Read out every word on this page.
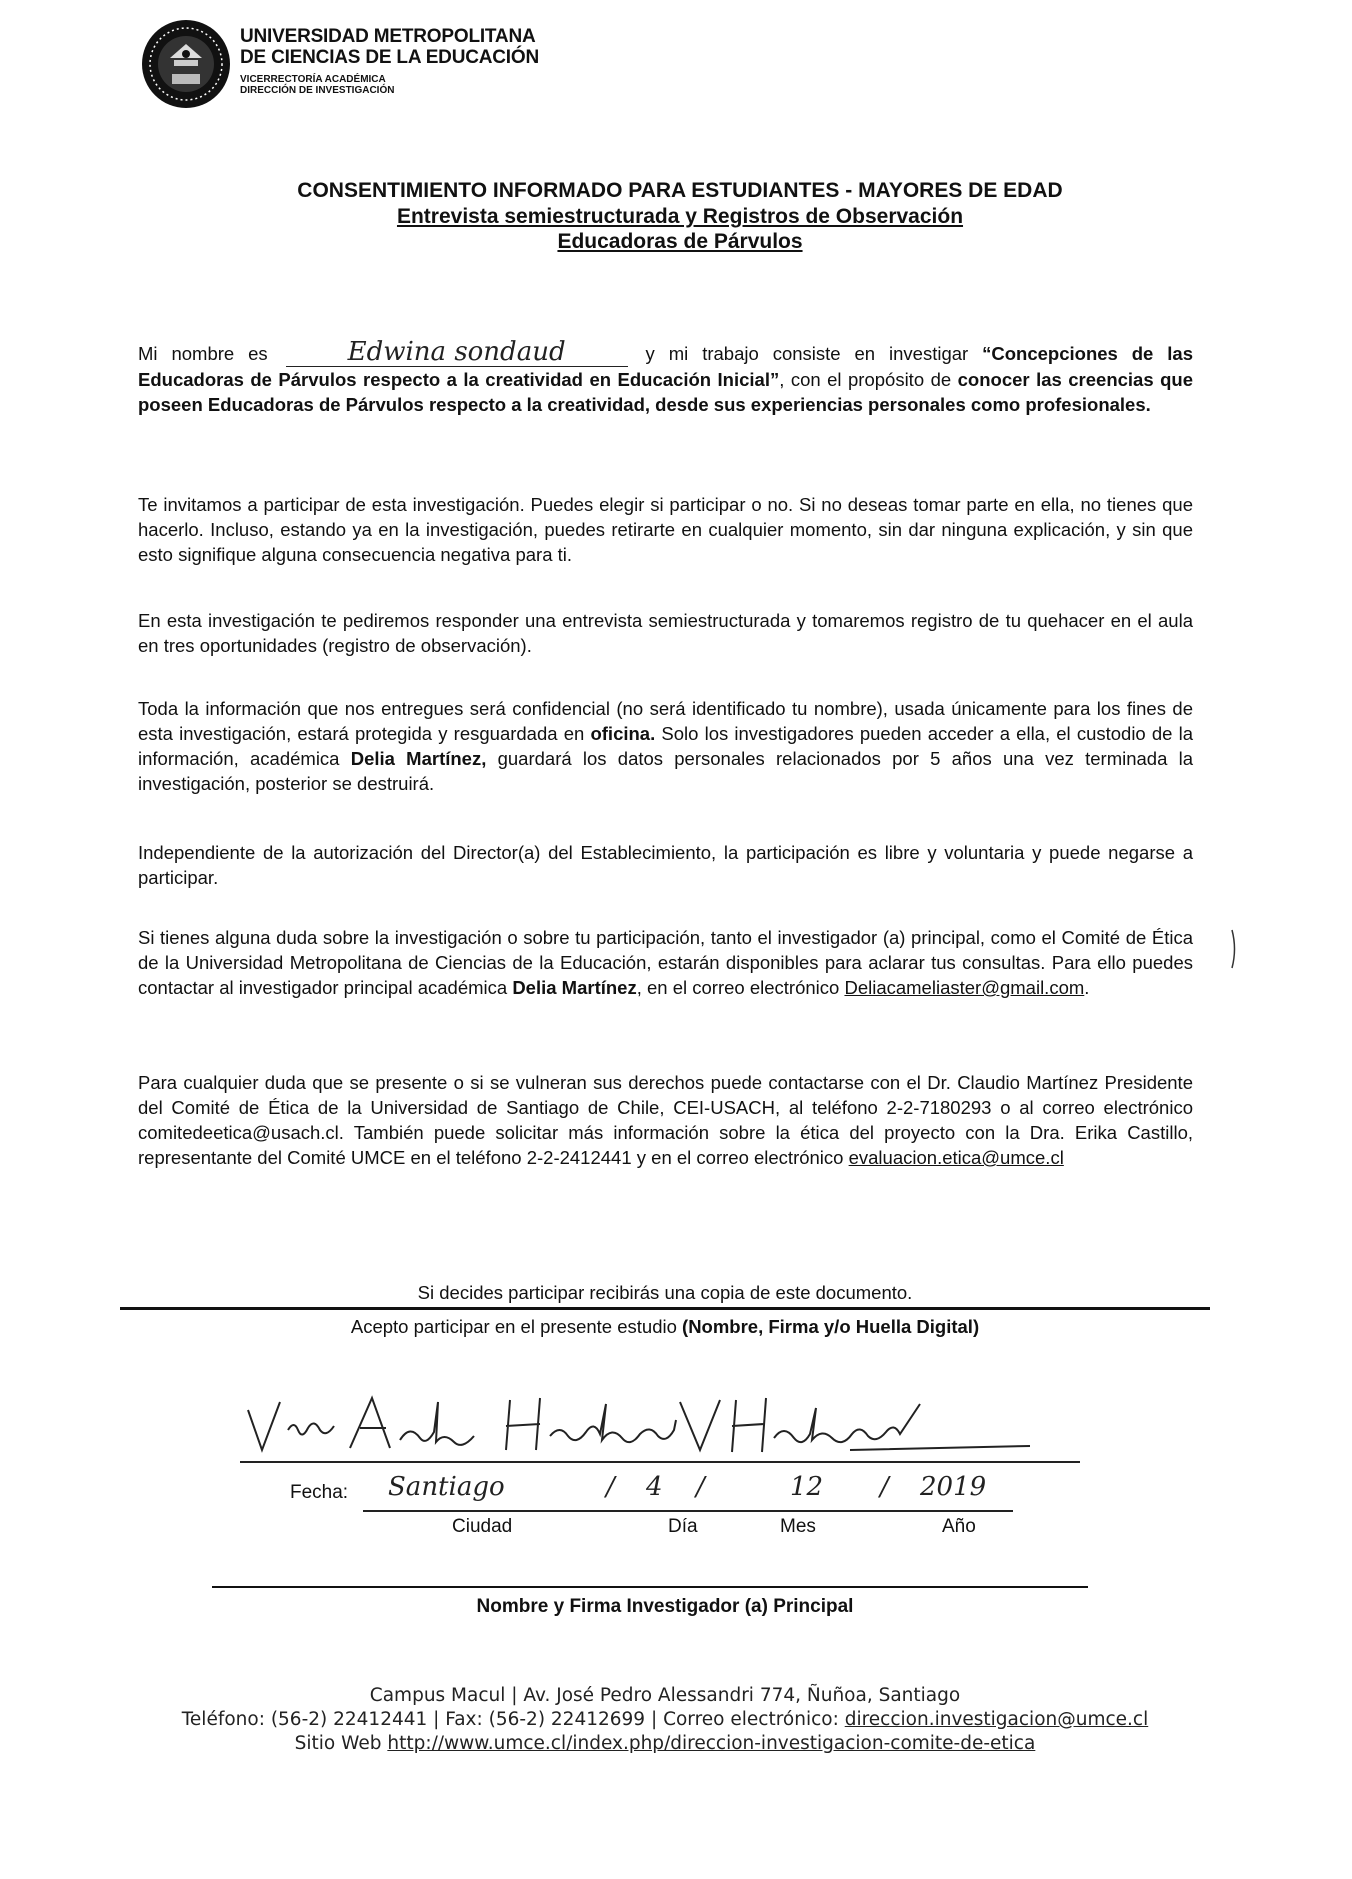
UNIVERSIDAD METROPOLITANA
DE CIENCIAS DE LA EDUCACIÓN
VICERRECTORÍA ACADÉMICA
DIRECCIÓN DE INVESTIGACIÓN
CONSENTIMIENTO INFORMADO PARA ESTUDIANTES - MAYORES DE EDAD
Entrevista semiestructurada y Registros de Observación
Educadoras de Párvulos
Mi nombre es	Edwina sondaud	y mi trabajo consiste en investigar “Concepciones de las Educadoras de Párvulos respecto a la creatividad en Educación Inicial”, con el propósito de conocer las creencias que poseen Educadoras de Párvulos respecto a la creatividad, desde sus experiencias personales como profesionales.
Te invitamos a participar de esta investigación. Puedes elegir si participar o no. Si no deseas tomar parte en ella, no tienes que hacerlo. Incluso, estando ya en la investigación, puedes retirarte en cualquier momento, sin dar ninguna explicación, y sin que esto signifique alguna consecuencia negativa para ti.
En esta investigación te pediremos responder una entrevista semiestructurada y tomaremos registro de tu quehacer en el aula en tres oportunidades (registro de observación).
Toda la información que nos entregues será confidencial (no será identificado tu nombre), usada únicamente para los fines de esta investigación, estará protegida y resguardada en oficina. Solo los investigadores pueden acceder a ella, el custodio de la información, académica Delia Martínez, guardará los datos personales relacionados por 5 años una vez terminada la investigación, posterior se destruirá.
Independiente de la autorización del Director(a) del Establecimiento, la participación es libre y voluntaria y puede negarse a participar.
Si tienes alguna duda sobre la investigación o sobre tu participación, tanto el investigador (a) principal, como el Comité de Ética de la Universidad Metropolitana de Ciencias de la Educación, estarán disponibles para aclarar tus consultas. Para ello puedes contactar al investigador principal académica Delia Martínez, en el correo electrónico Deliacameliaster@gmail.com.
Para cualquier duda que se presente o si se vulneran sus derechos puede contactarse con el Dr. Claudio Martínez Presidente del Comité de Ética de la Universidad de Santiago de Chile, CEI-USACH, al teléfono 2-2-7180293 o al correo electrónico comitedeetica@usach.cl. También puede solicitar más información sobre la ética del proyecto con la Dra. Erika Castillo, representante del Comité UMCE en el teléfono 2-2-2412441 y en el correo electrónico evaluacion.etica@umce.cl
Si decides participar recibirás una copia de este documento.
Acepto participar en el presente estudio (Nombre, Firma y/o Huella Digital)
Fecha: Santiago	/ 4 /	12 / 2019
Ciudad	Día	Mes	Año
Nombre y Firma Investigador (a) Principal
Campus Macul | Av. José Pedro Alessandri 774, Ñuñoa, Santiago
Teléfono: (56-2) 22412441 | Fax: (56-2) 22412699 | Correo electrónico: direccion.investigacion@umce.cl
Sitio Web http://www.umce.cl/index.php/direccion-investigacion-comite-de-etica
